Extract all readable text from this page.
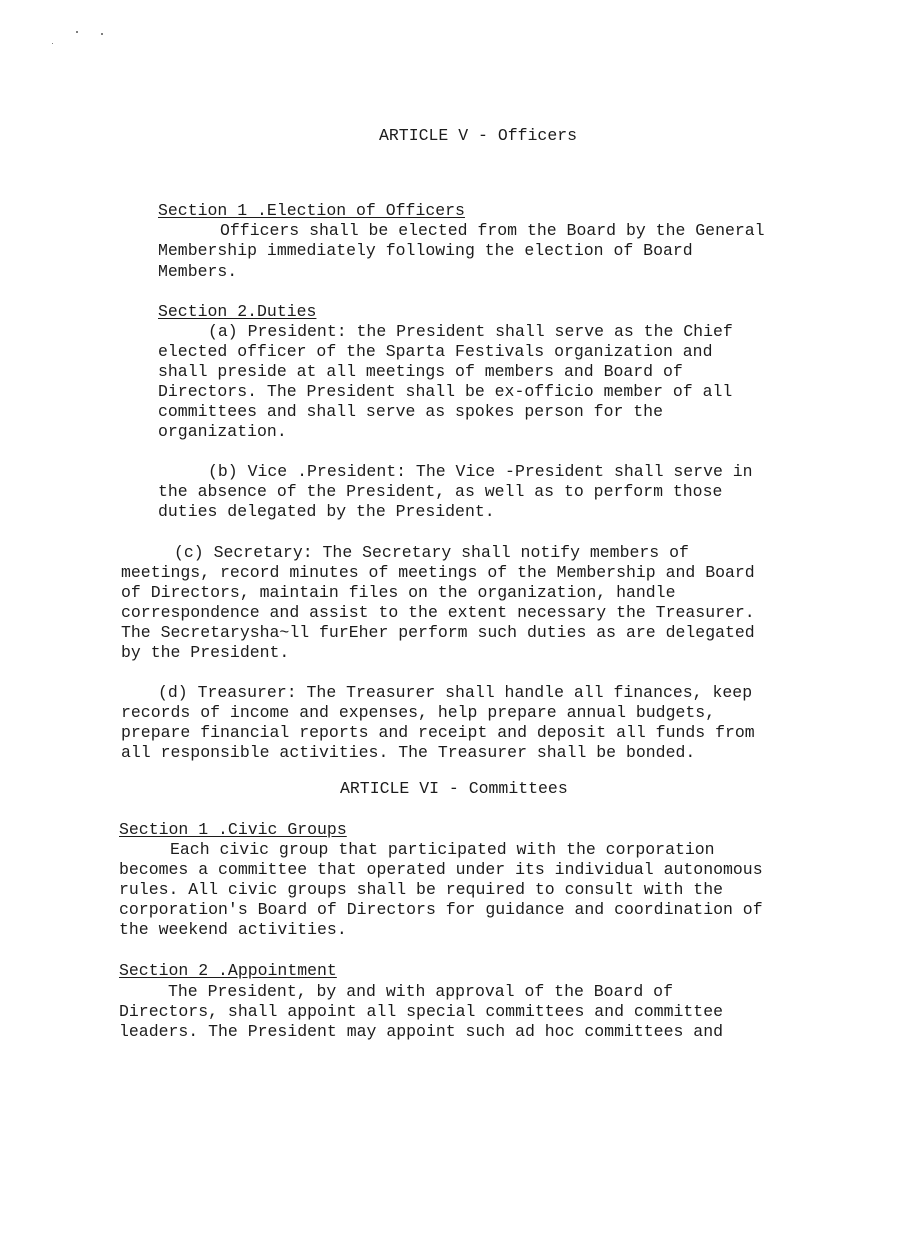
ARTICLE V - Officers
Section 1 .Election of Officers
Officers shall be elected from the Board by the General
Membership immediately following the election of Board
Members.
Section 2.Duties
(a) President: the President shall serve as the Chief
elected officer of the Sparta Festivals organization and
shall preside at all meetings of members and Board of
Directors. The President shall be ex-officio member of all
committees and shall serve as spokes person for the
organization.
(b) Vice .President: The Vice -President shall serve in
the absence of the President, as well as to perform those
duties delegated by the President.
(c) Secretary: The Secretary shall notify members of
meetings, record minutes of meetings of the Membership and Board
of Directors, maintain files on the organization, handle
correspondence and assist to the extent necessary the Treasurer.
The Secretarysha~ll furEher perform such duties as are delegated
by the President.
(d) Treasurer: The Treasurer shall handle all finances, keep
records of income and expenses, help prepare annual budgets,
prepare financial reports and receipt and deposit all funds from
all responsible activities. The Treasurer shall be bonded.
ARTICLE VI - Committees
Section 1 .Civic Groups
Each civic group that participated with the corporation
becomes a committee that operated under its individual autonomous
rules. All civic groups shall be required to consult with the
corporation's Board of Directors for guidance and coordination of
the weekend activities.
Section 2 .Appointment
The President, by and with approval of the Board of
Directors, shall appoint all special committees and committee
leaders. The President may appoint such ad hoc committees and
